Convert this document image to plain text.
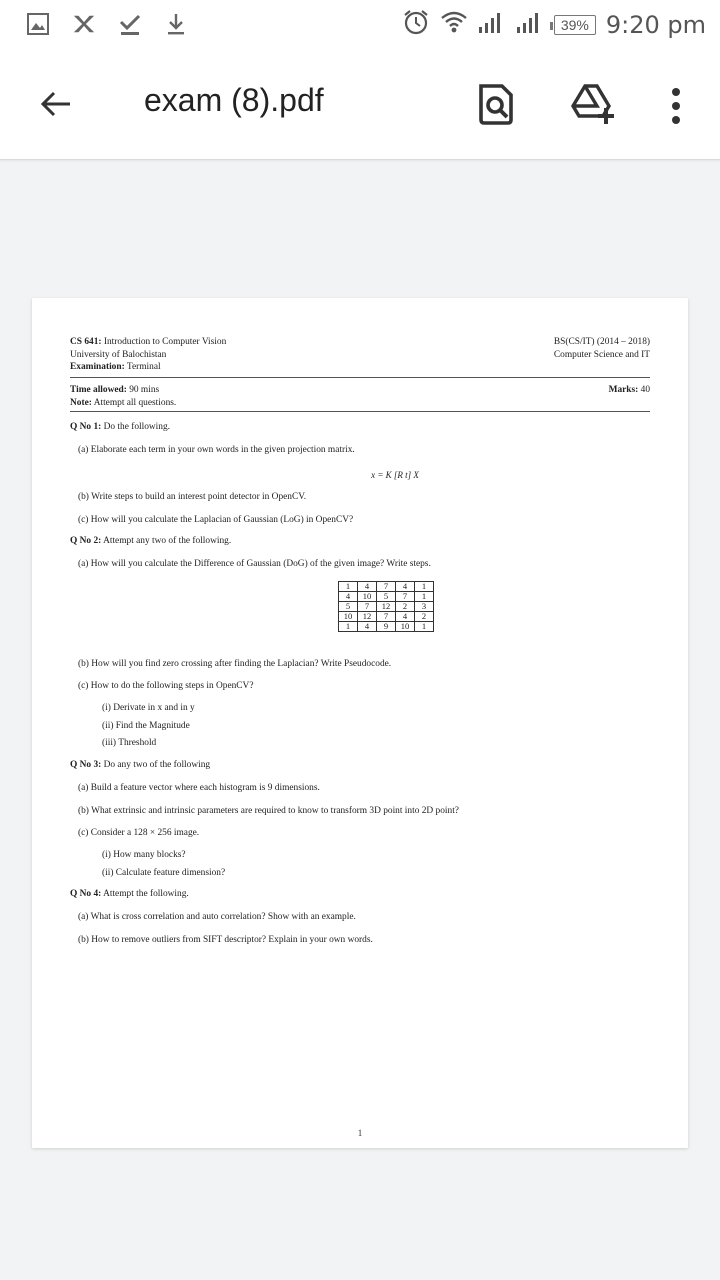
39% 9:20 pm
exam (8).pdf
CS 641: Introduction to Computer Vision
University of Balochistan
Examination: Terminal
BS(CS/IT) (2014 – 2018)
Computer Science and IT
Time allowed: 90 mins	Marks: 40
Note: Attempt all questions.
Q No 1: Do the following.
(a) Elaborate each term in your own words in the given projection matrix.
x = K [R t] X
(b) Write steps to build an interest point detector in OpenCV.
(c) How will you calculate the Laplacian of Gaussian (LoG) in OpenCV?
Q No 2: Attempt any two of the following.
(a) How will you calculate the Difference of Gaussian (DoG) of the given image? Write steps.
1	4	7	4	1
4	10	5	7	1
5	7	12	2	3
10	12	7	4	2
1	4	9	10	1
(b) How will you find zero crossing after finding the Laplacian? Write Pseudocode.
(c) How to do the following steps in OpenCV?
(i) Derivate in x and in y
(ii) Find the Magnitude
(iii) Threshold
Q No 3: Do any two of the following
(a) Build a feature vector where each histogram is 9 dimensions.
(b) What extrinsic and intrinsic parameters are required to know to transform 3D point into 2D point?
(c) Consider a 128 × 256 image.
(i) How many blocks?
(ii) Calculate feature dimension?
Q No 4: Attempt the following.
(a) What is cross correlation and auto correlation? Show with an example.
(b) How to remove outliers from SIFT descriptor? Explain in your own words.
1
